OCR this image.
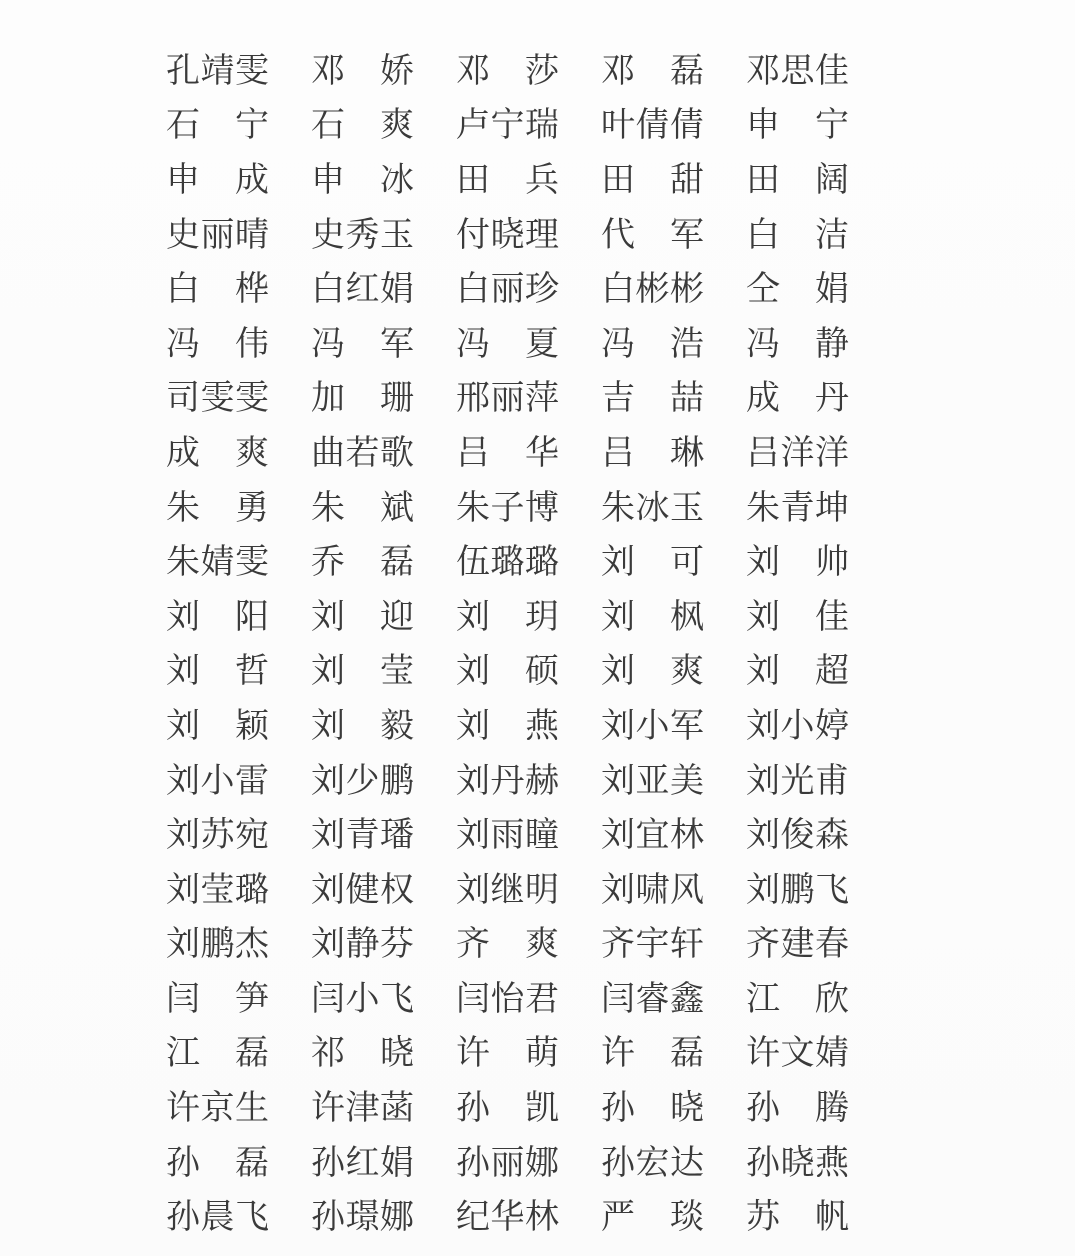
孔靖雯 邓　娇 邓　莎 邓　磊 邓思佳
石　宁 石　爽 卢宁瑞 叶倩倩 申　宁
申　成 申　冰 田　兵 田　甜 田　阔
史丽晴 史秀玉 付晓理 代　军 白　洁
白　桦 白红娟 白丽珍 白彬彬 仝　娟
冯　伟 冯　军 冯　夏 冯　浩 冯　静
司雯雯 加　珊 邢丽萍 吉　喆 成　丹
成　爽 曲若歌 吕　华 吕　琳 吕洋洋
朱　勇 朱　斌 朱子博 朱冰玉 朱青坤
朱婧雯 乔　磊 伍璐璐 刘　可 刘　帅
刘　阳 刘　迎 刘　玥 刘　枫 刘　佳
刘　哲 刘　莹 刘　硕 刘　爽 刘　超
刘　颖 刘　毅 刘　燕 刘小军 刘小婷
刘小雷 刘少鹏 刘丹赫 刘亚美 刘光甫
刘苏宛 刘青璠 刘雨瞳 刘宜林 刘俊森
刘莹璐 刘健权 刘继明 刘啸风 刘鹏飞
刘鹏杰 刘静芬 齐　爽 齐宇轩 齐建春
闫　笋 闫小飞 闫怡君 闫睿鑫 江　欣
江　磊 祁　晓 许　萌 许　磊 许文婧
许京生 许津菡 孙　凯 孙　晓 孙　腾
孙　磊 孙红娟 孙丽娜 孙宏达 孙晓燕
孙晨飞 孙璟娜 纪华林 严　琰 苏　帆
